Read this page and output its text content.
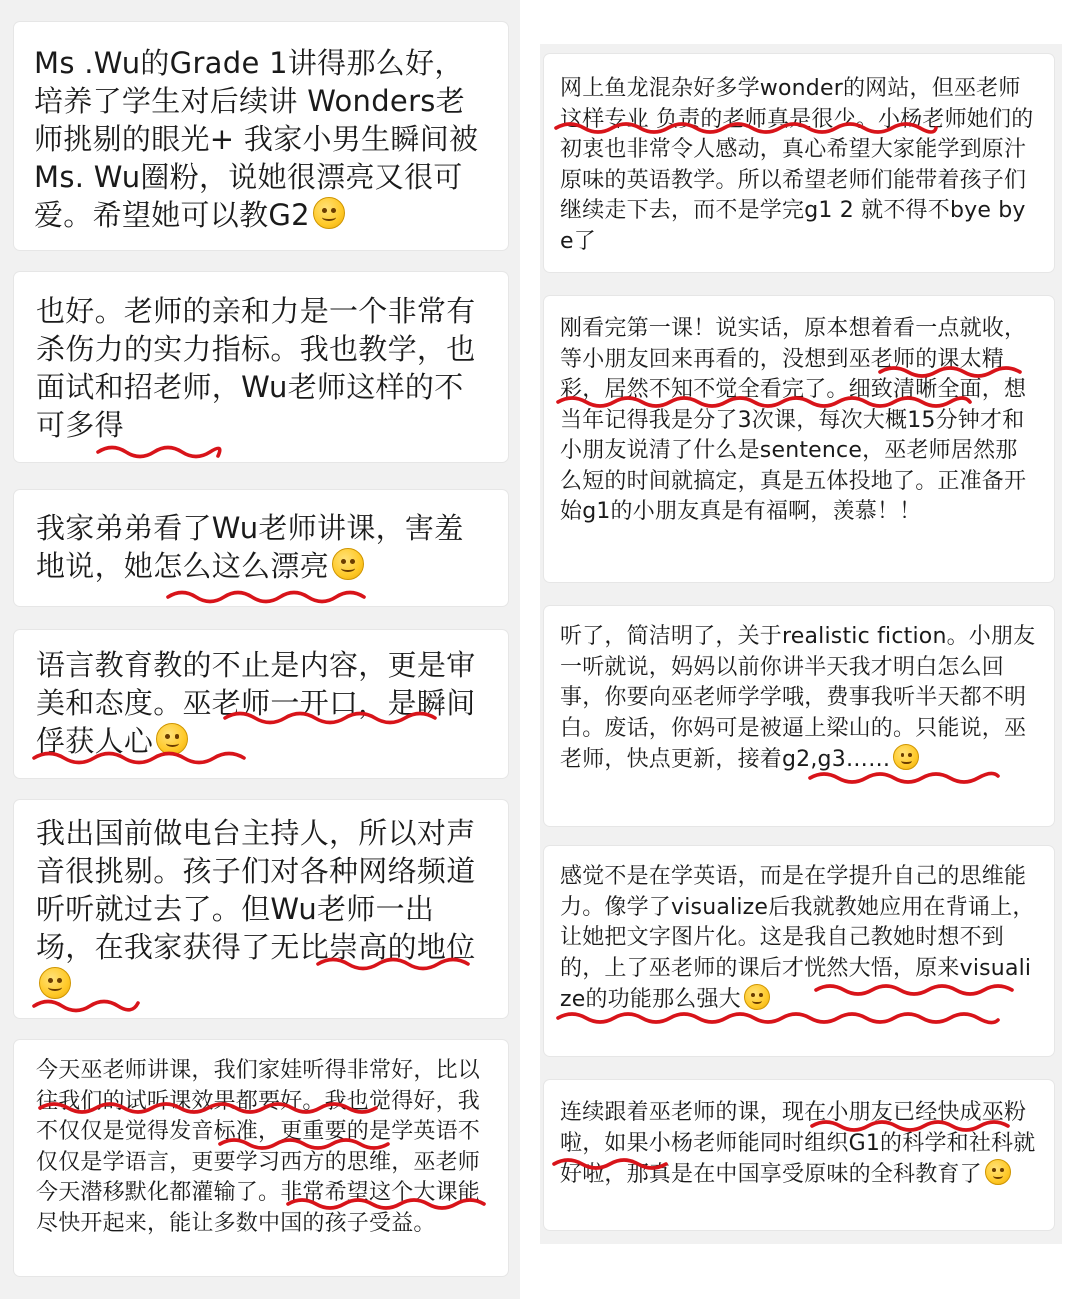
Ms .Wu的Grade 1讲得那么好，培养了学生对后续讲 Wonders老师挑剔的眼光+ 我家小男生瞬间被Ms. Wu圈粉，说她很漂亮又很可爱。希望她可以教G2

也好。老师的亲和力是一个非常有杀伤力的实力指标。我也教学，也面试和招老师，Wu老师这样的不可多得

我家弟弟看了Wu老师讲课，害羞地说，她怎么这么漂亮

语言教育教的不止是内容，更是审美和态度。巫老师一开口，是瞬间俘获人心

我出国前做电台主持人，所以对声音很挑剔。孩子们对各种网络频道听听就过去了。但Wu老师一出场，在我家获得了无比崇高的地位

今天巫老师讲课，我们家娃听得非常好，比以往我们的试听课效果都要好。我也觉得好，我不仅仅是觉得发音标准，更重要的是学英语不仅仅是学语言，更要学习西方的思维，巫老师今天潜移默化都灌输了。非常希望这个大课能尽快开起来，能让多数中国的孩子受益。

网上鱼龙混杂好多学wonder的网站，但巫老师这样专业 负责的老师真是很少。小杨老师她们的初衷也非常令人感动，真心希望大家能学到原汁原味的英语教学。所以希望老师们能带着孩子们继续走下去，而不是学完g1 2 就不得不bye bye了

刚看完第一课！说实话，原本想着看一点就收，等小朋友回来再看的，没想到巫老师的课太精彩，居然不知不觉全看完了。细致清晰全面，想当年记得我是分了3次课，每次大概15分钟才和小朋友说清了什么是sentence，巫老师居然那么短的时间就搞定，真是五体投地了。正准备开始g1的小朋友真是有福啊，羡慕！！

听了，简洁明了，关于realistic fiction。小朋友一听就说，妈妈以前你讲半天我才明白怎么回事，你要向巫老师学学哦，费事我听半天都不明白。废话，你妈可是被逼上梁山的。只能说，巫老师，快点更新，接着g2,g3……

感觉不是在学英语，而是在学提升自己的思维能力。像学了visualize后我就教她应用在背诵上，让她把文字图片化。这是我自己教她时想不到的，上了巫老师的课后才恍然大悟，原来visualize的功能那么强大

连续跟着巫老师的课，现在小朋友已经快成巫粉啦，如果小杨老师能同时组织G1的科学和社科就好啦，那真是在中国享受原味的全科教育了
